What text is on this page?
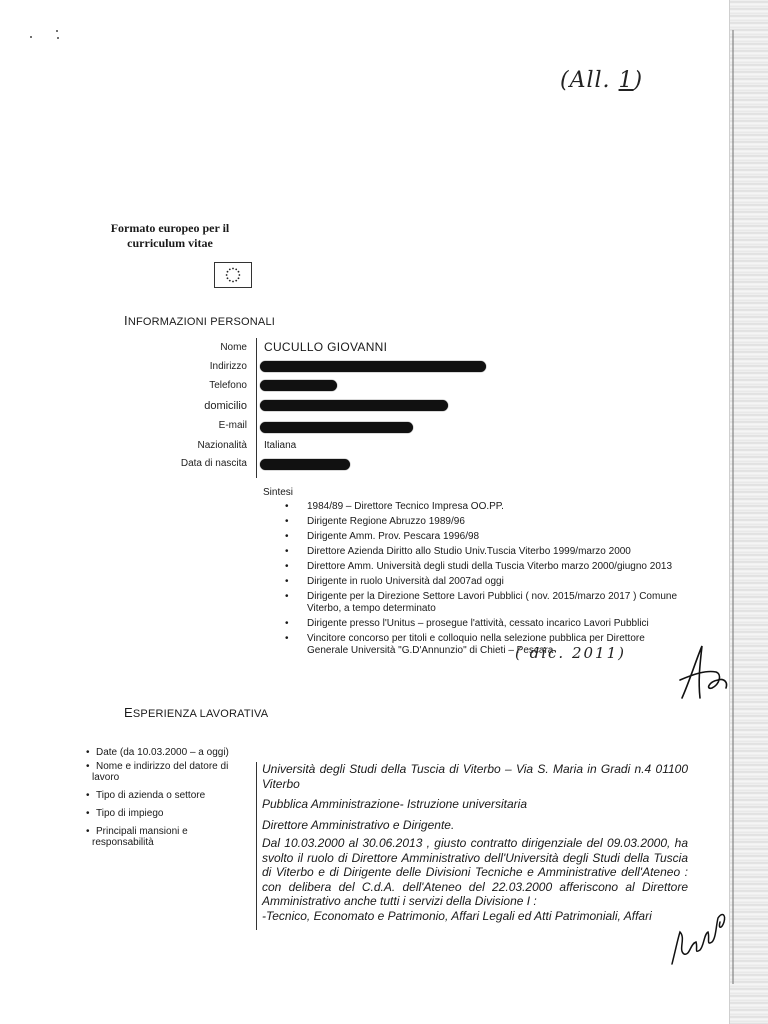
(All. 1)
Formato europeo per il curriculum vitae
INFORMAZIONI PERSONALI
Nome CUCULLO GIOVANNI
Indirizzo
Telefono
domicilio
E-mail
Nazionalità Italiana
Data di nascita
Sintesi
• 1984/89 – Direttore Tecnico Impresa OO.PP.
• Dirigente Regione Abruzzo 1989/96
• Dirigente Amm. Prov. Pescara 1996/98
• Direttore Azienda Diritto allo Studio Univ.Tuscia Viterbo 1999/marzo 2000
• Direttore Amm. Università degli studi della Tuscia Viterbo marzo 2000/giugno 2013
• Dirigente in ruolo Università dal 2007ad oggi
• Dirigente per la Direzione Settore Lavori Pubblici ( nov. 2015/marzo 2017 ) Comune Viterbo, a tempo determinato
• Dirigente presso l'Unitus – prosegue l'attività, cessato incarico Lavori Pubblici
• Vincitore concorso per titoli e colloquio nella selezione pubblica per Direttore Generale Università "G.D'Annunzio" di Chieti – Pescara
( dic. 2011)
ESPERIENZA LAVORATIVA
• Date (da 10.03.2000 – a oggi)
• Nome e indirizzo del datore di lavoro
• Tipo di azienda o settore
• Tipo di impiego
• Principali mansioni e responsabilità

Università degli Studi della Tuscia di Viterbo – Via S. Maria in Gradi n.4 01100 Viterbo

Pubblica Amministrazione- Istruzione universitaria

Direttore Amministrativo e Dirigente.

Dal 10.03.2000 al 30.06.2013 , giusto contratto dirigenziale del 09.03.2000, ha svolto il ruolo di Direttore Amministrativo dell'Università degli Studi della Tuscia di Viterbo e di Dirigente delle Divisioni Tecniche e Amministrative dell'Ateneo : con delibera del C.d.A. dell'Ateneo del 22.03.2000 afferiscono al Direttore Amministrativo anche tutti i servizi della Divisione I :

-Tecnico, Economato e Patrimonio, Affari Legali ed Atti Patrimoniali, Affari
